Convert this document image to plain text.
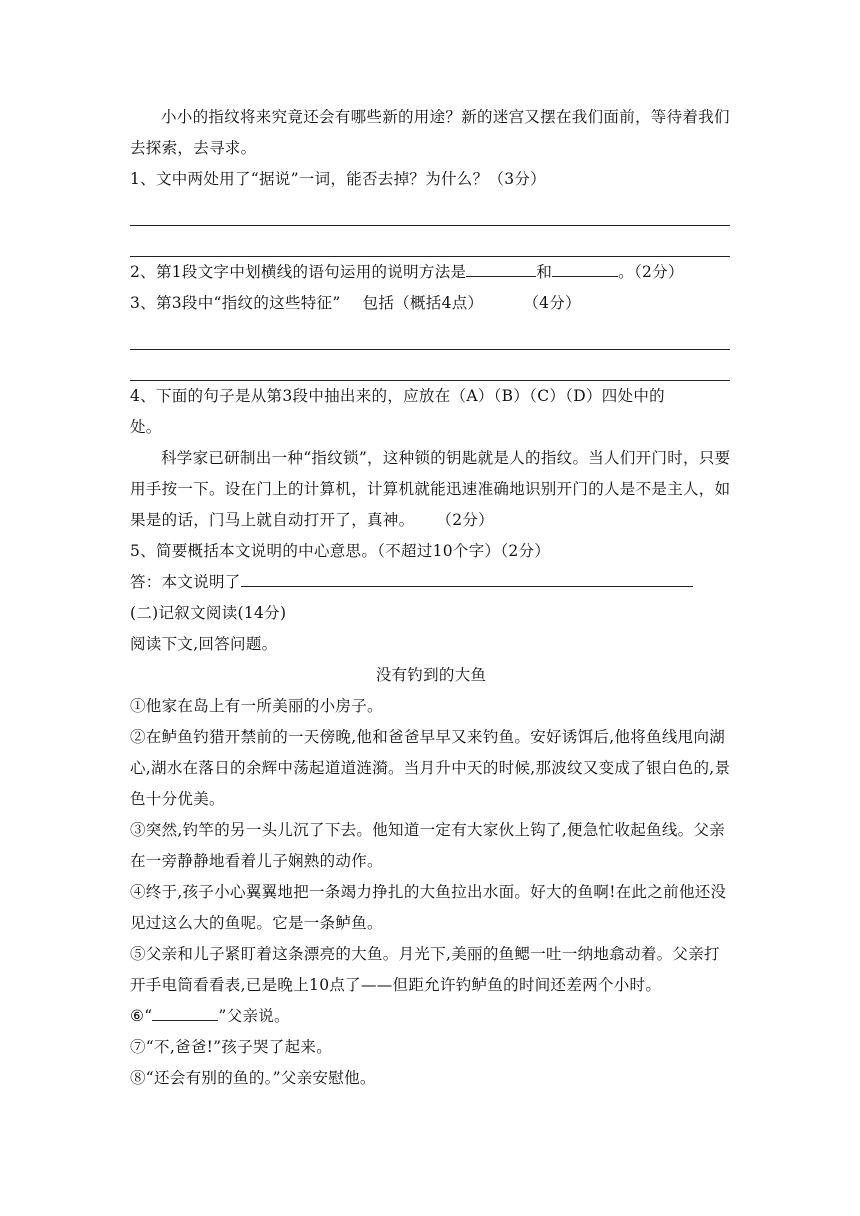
小小的指纹将来究竟还会有哪些新的用途？新的迷宫又摆在我们面前，等待着我们去探索，去寻求。
1、文中两处用了“据说”一词，能否去掉？为什么？（3分）
2、第1段文字中划横线的语句运用的说明方法是	和	。（2分）
3、第3段中“指纹的这些特征” 包括（概括4点）	（4分）
4、下面的句子是从第3段中抽出来的，应放在（A）（B）（C）（D）四处中的
处。
科学家已研制出一种“指纹锁”，这种锁的钥匙就是人的指纹。当人们开门时，只要用手按一下。设在门上的计算机，计算机就能迅速准确地识别开门的人是不是主人，如果是的话，门马上就自动打开了，真神。 （2分）
5、简要概括本文说明的中心意思。（不超过10个字）（2分）
答：本文说明了
(二)记叙文阅读(14分)
阅读下文,回答问题。
没有钓到的大鱼
①他家在岛上有一所美丽的小房子。
②在鲈鱼钓猎开禁前的一天傍晚,他和爸爸早早又来钓鱼。安好诱饵后,他将鱼线甩向湖心,湖水在落日的余辉中荡起道道涟漪。当月升中天的时候,那波纹又变成了银白色的,景色十分优美。
③突然,钓竿的另一头儿沉了下去。他知道一定有大家伙上钩了,便急忙收起鱼线。父亲在一旁静静地看着儿子娴熟的动作。
④终于,孩子小心翼翼地把一条竭力挣扎的大鱼拉出水面。好大的鱼啊!在此之前他还没见过这么大的鱼呢。它是一条鲈鱼。
⑤父亲和儿子紧盯着这条漂亮的大鱼。月光下,美丽的鱼鳃一吐一纳地翕动着。父亲打开手电筒看看表,已是晚上10点了——但距允许钓鲈鱼的时间还差两个小时。
⑥“	”父亲说。
⑦“不,爸爸!”孩子哭了起来。
⑧“还会有别的鱼的。”父亲安慰他。
